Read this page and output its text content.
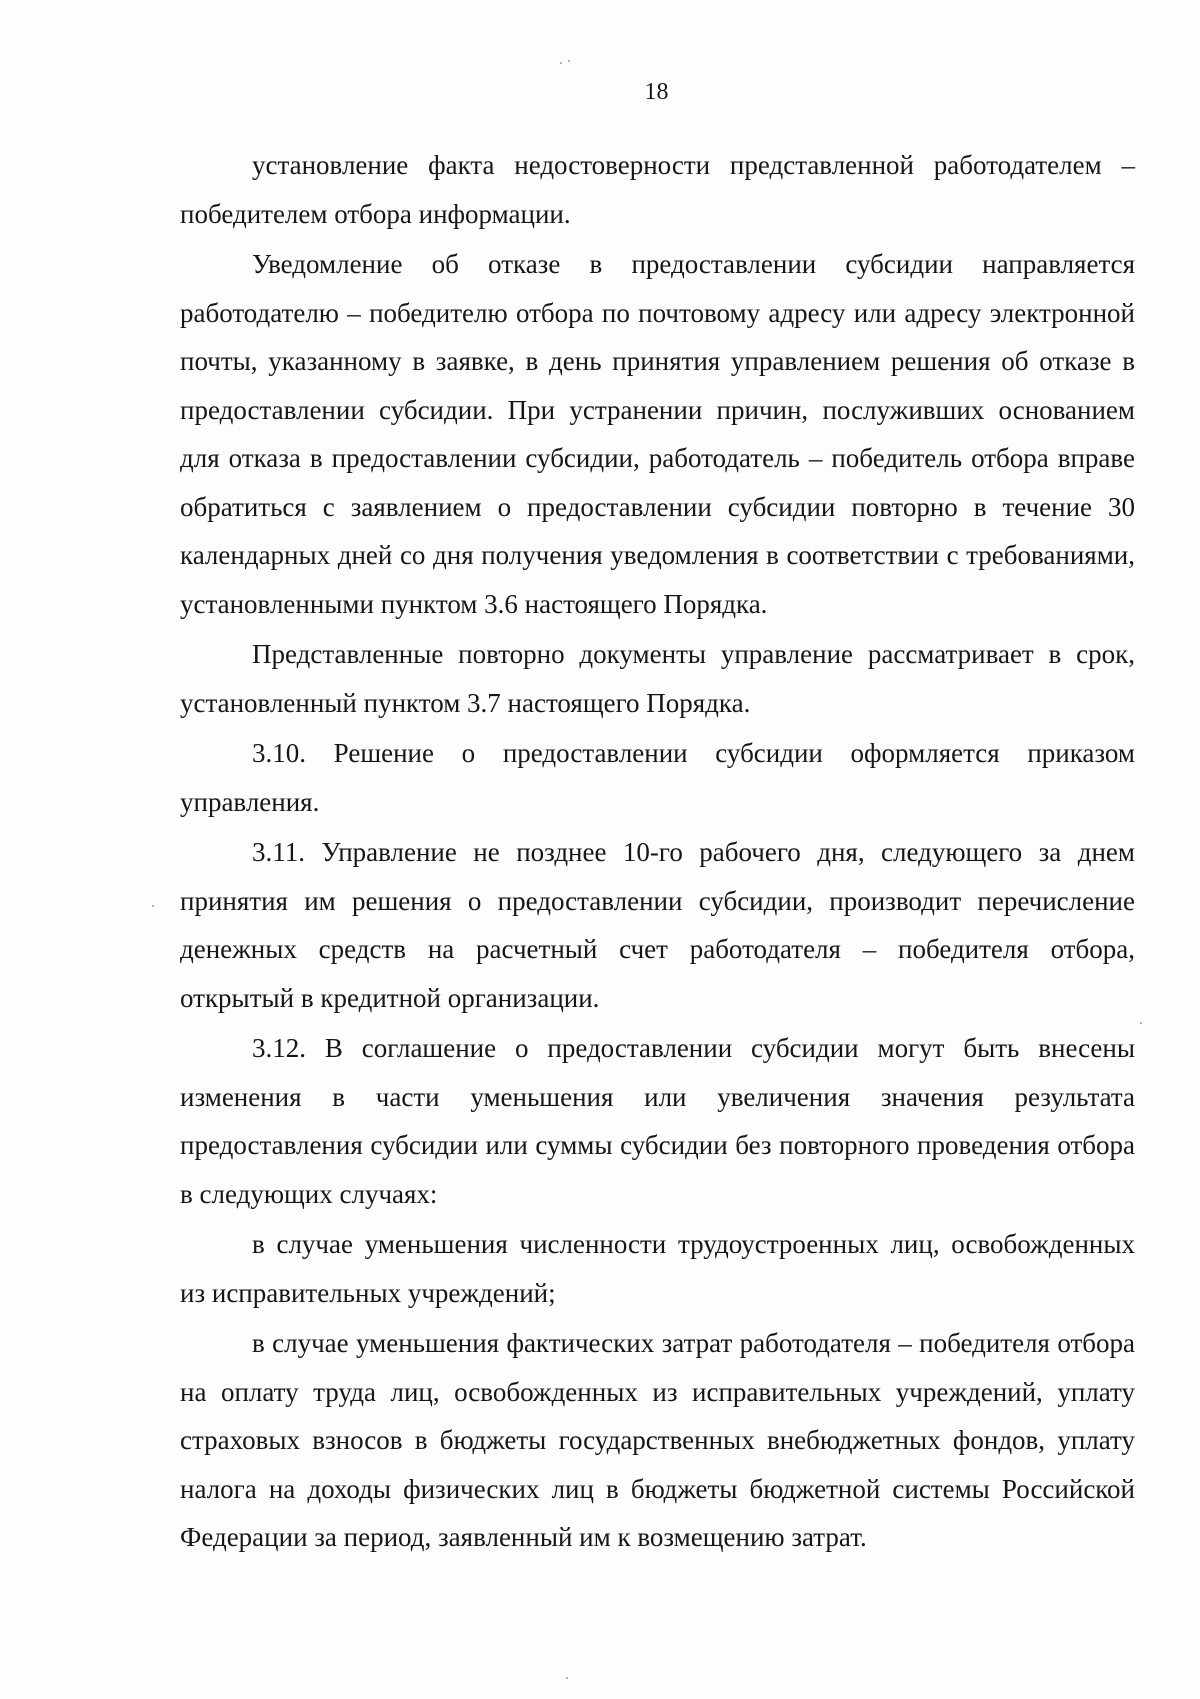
18

установление факта недостоверности представленной работодателем – победителем отбора информации.

Уведомление об отказе в предоставлении субсидии направляется работодателю – победителю отбора по почтовому адресу или адресу электронной почты, указанному в заявке, в день принятия управлением решения об отказе в предоставлении субсидии. При устранении причин, послуживших основанием для отказа в предоставлении субсидии, работодатель – победитель отбора вправе обратиться с заявлением о предоставлении субсидии повторно в течение 30 календарных дней со дня получения уведомления в соответствии с требованиями, установленными пунктом 3.6 настоящего Порядка.

Представленные повторно документы управление рассматривает в срок, установленный пунктом 3.7 настоящего Порядка.

3.10. Решение о предоставлении субсидии оформляется приказом управления.

3.11. Управление не позднее 10-го рабочего дня, следующего за днем принятия им решения о предоставлении субсидии, производит перечисление денежных средств на расчетный счет работодателя – победителя отбора, открытый в кредитной организации.

3.12. В соглашение о предоставлении субсидии могут быть внесены изменения в части уменьшения или увеличения значения результата предоставления субсидии или суммы субсидии без повторного проведения отбора в следующих случаях:

в случае уменьшения численности трудоустроенных лиц, освобожденных из исправительных учреждений;

в случае уменьшения фактических затрат работодателя – победителя отбора на оплату труда лиц, освобожденных из исправительных учреждений, уплату страховых взносов в бюджеты государственных внебюджетных фондов, уплату налога на доходы физических лиц в бюджеты бюджетной системы Российской Федерации за период, заявленный им к возмещению затрат.
